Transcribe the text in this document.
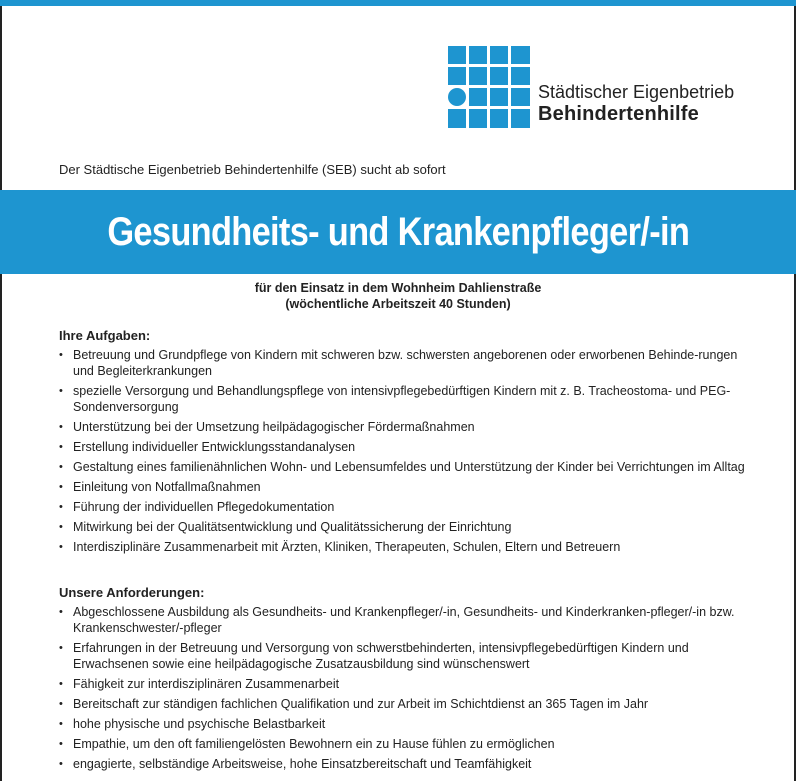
Städtischer Eigenbetrieb
Behindertenhilfe
Der Städtische Eigenbetrieb Behindertenhilfe (SEB) sucht ab sofort
Gesundheits- und Krankenpfleger/-in
für den Einsatz in dem Wohnheim Dahlienstraße
(wöchentliche Arbeitszeit 40 Stunden)
Ihre Aufgaben:
• Betreuung und Grundpflege von Kindern mit schweren bzw. schwersten angeborenen oder erworbenen Behinde-rungen und Begleiterkrankungen
• spezielle Versorgung und Behandlungspflege von intensivpflegebedürftigen Kindern mit z. B. Tracheostoma- und PEG-Sondenversorgung
• Unterstützung bei der Umsetzung heilpädagogischer Fördermaßnahmen
• Erstellung individueller Entwicklungsstandanalysen
• Gestaltung eines familienähnlichen Wohn- und Lebensumfeldes und Unterstützung der Kinder bei Verrichtungen im Alltag
• Einleitung von Notfallmaßnahmen
• Führung der individuellen Pflegedokumentation
• Mitwirkung bei der Qualitätsentwicklung und Qualitätssicherung der Einrichtung
• Interdisziplinäre Zusammenarbeit mit Ärzten, Kliniken, Therapeuten, Schulen, Eltern und Betreuern
Unsere Anforderungen:
• Abgeschlossene Ausbildung als Gesundheits- und Krankenpfleger/-in, Gesundheits- und Kinderkranken-pfleger/-in bzw. Krankenschwester/-pfleger
• Erfahrungen in der Betreuung und Versorgung von schwerstbehinderten, intensivpflegebedürftigen Kindern und Erwachsenen sowie eine heilpädagogische Zusatzausbildung sind wünschenswert
• Fähigkeit zur interdisziplinären Zusammenarbeit
• Bereitschaft zur ständigen fachlichen Qualifikation und zur Arbeit im Schichtdienst an 365 Tagen im Jahr
• hohe physische und psychische Belastbarkeit
• Empathie, um den oft familiengelösten Bewohnern ein zu Hause fühlen zu ermöglichen
• engagierte, selbständige Arbeitsweise, hohe Einsatzbereitschaft und Teamfähigkeit
